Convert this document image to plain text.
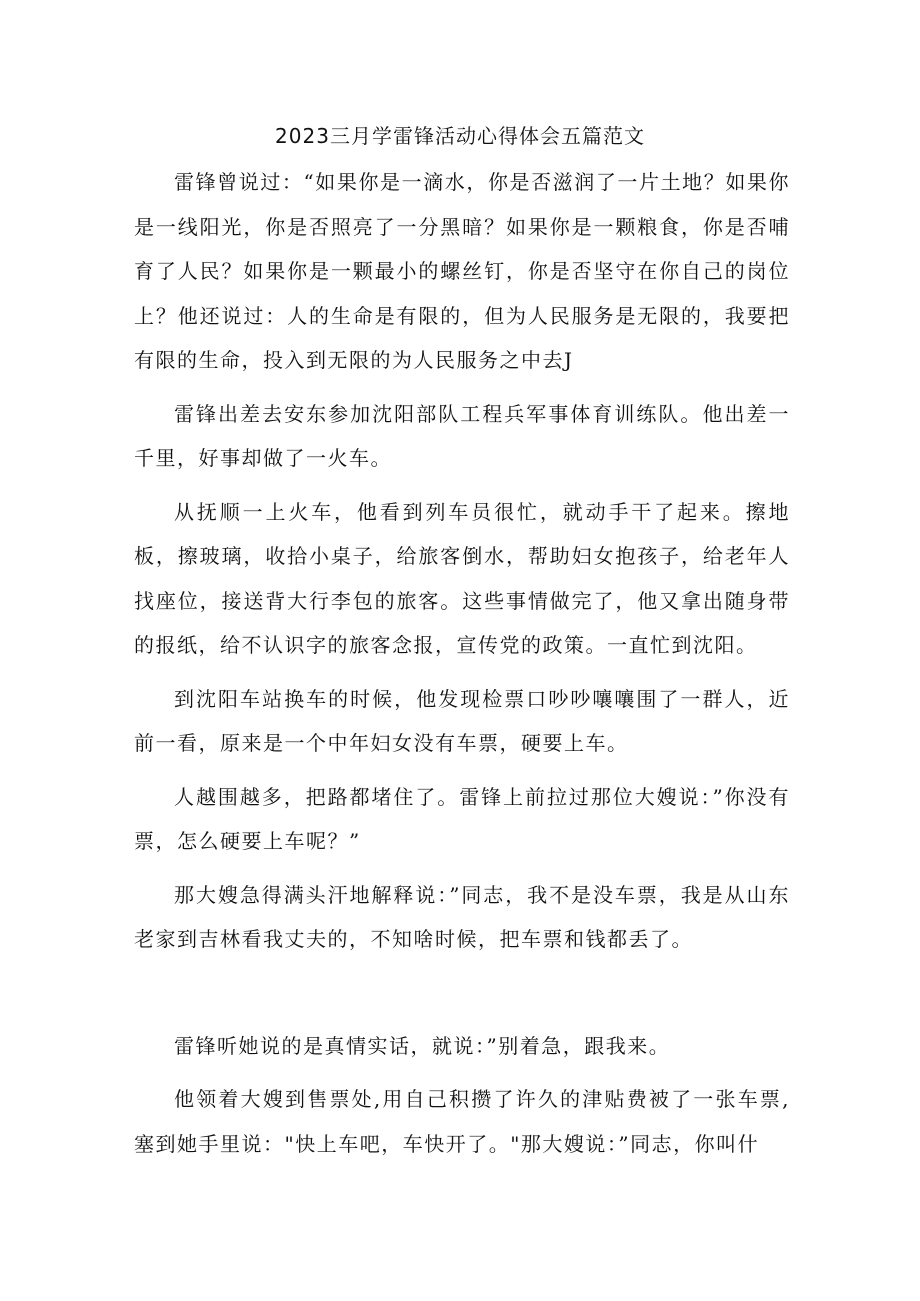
2023三月学雷锋活动心得体会五篇范文

雷锋曾说过：“如果你是一滴水，你是否滋润了一片土地？如果你是一线阳光，你是否照亮了一分黑暗？如果你是一颗粮食，你是否哺育了人民？如果你是一颗最小的螺丝钉，你是否坚守在你自己的岗位上？他还说过：人的生命是有限的，但为人民服务是无限的，我要把有限的生命，投入到无限的为人民服务之中去J

雷锋出差去安东参加沈阳部队工程兵军事体育训练队。他出差一千里，好事却做了一火车。

从抚顺一上火车，他看到列车员很忙，就动手干了起来。擦地板，擦玻璃，收拾小桌子，给旅客倒水，帮助妇女抱孩子，给老年人找座位，接送背大行李包的旅客。这些事情做完了，他又拿出随身带的报纸，给不认识字的旅客念报，宣传党的政策。一直忙到沈阳。

到沈阳车站换车的时候，他发现检票口吵吵嚷嚷围了一群人，近前一看，原来是一个中年妇女没有车票，硬要上车。

人越围越多，把路都堵住了。雷锋上前拉过那位大嫂说：”你没有票，怎么硬要上车呢？”

那大嫂急得满头汗地解释说：”同志，我不是没车票，我是从山东老家到吉林看我丈夫的，不知啥时候，把车票和钱都丢了。

雷锋听她说的是真情实话，就说：”别着急，跟我来。

他领着大嫂到售票处,用自己积攒了许久的津贴费被了一张车票,塞到她手里说："快上车吧，车快开了。"那大嫂说：”同志，你叫什
